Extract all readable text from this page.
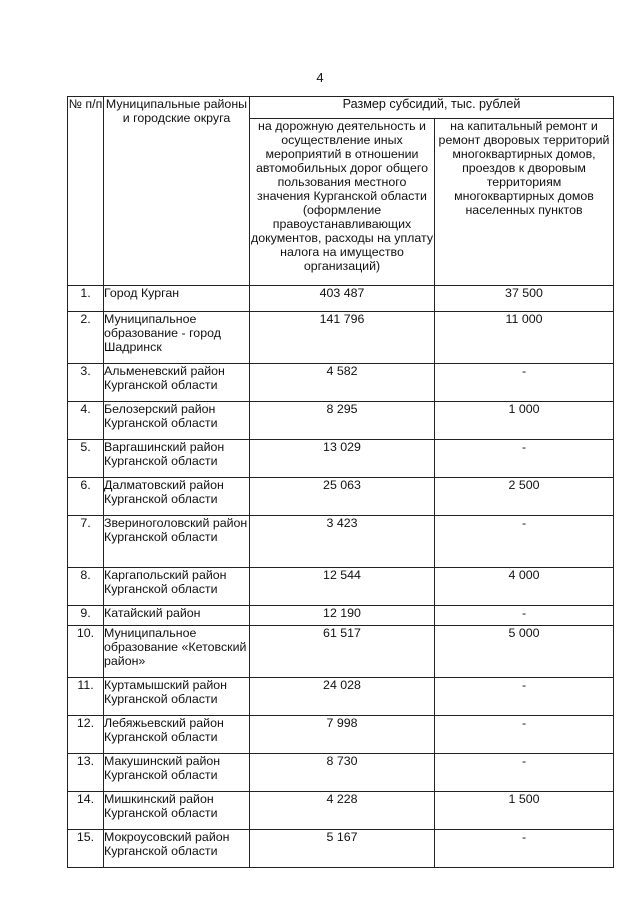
4
№ п/п	Муниципальные районы и городские округа	Размер субсидий, тыс. рублей	
		на дорожную деятельность и осуществление иных мероприятий в отношении автомобильных дорог общего пользования местного значения Курганской области (оформление правоустанавливающих документов, расходы на уплату налога на имущество организаций)	на капитальный ремонт и ремонт дворовых территорий многоквартирных домов, проездов к дворовым территориям многоквартирных домов населенных пунктов
1.	Город Курган	403 487	37 500
2.	Муниципальное образование - город Шадринск	141 796	11 000
3.	Альменевский район Курганской области	4 582	-
4.	Белозерский район Курганской области	8 295	1 000
5.	Варгашинский район Курганской области	13 029	-
6.	Далматовский район Курганской области	25 063	2 500
7.	Звериноголовский район Курганской области	3 423	-
8.	Каргапольский район Курганской области	12 544	4 000
9.	Катайский район	12 190	-
10.	Муниципальное образование «Кетовский район»	61 517	5 000
11.	Куртамышский район Курганской области	24 028	-
12.	Лебяжьевский район Курганской области	7 998	-
13.	Макушинский район Курганской области	8 730	-
14.	Мишкинский район Курганской области	4 228	1 500
15.	Мокроусовский район Курганской области	5 167	-
